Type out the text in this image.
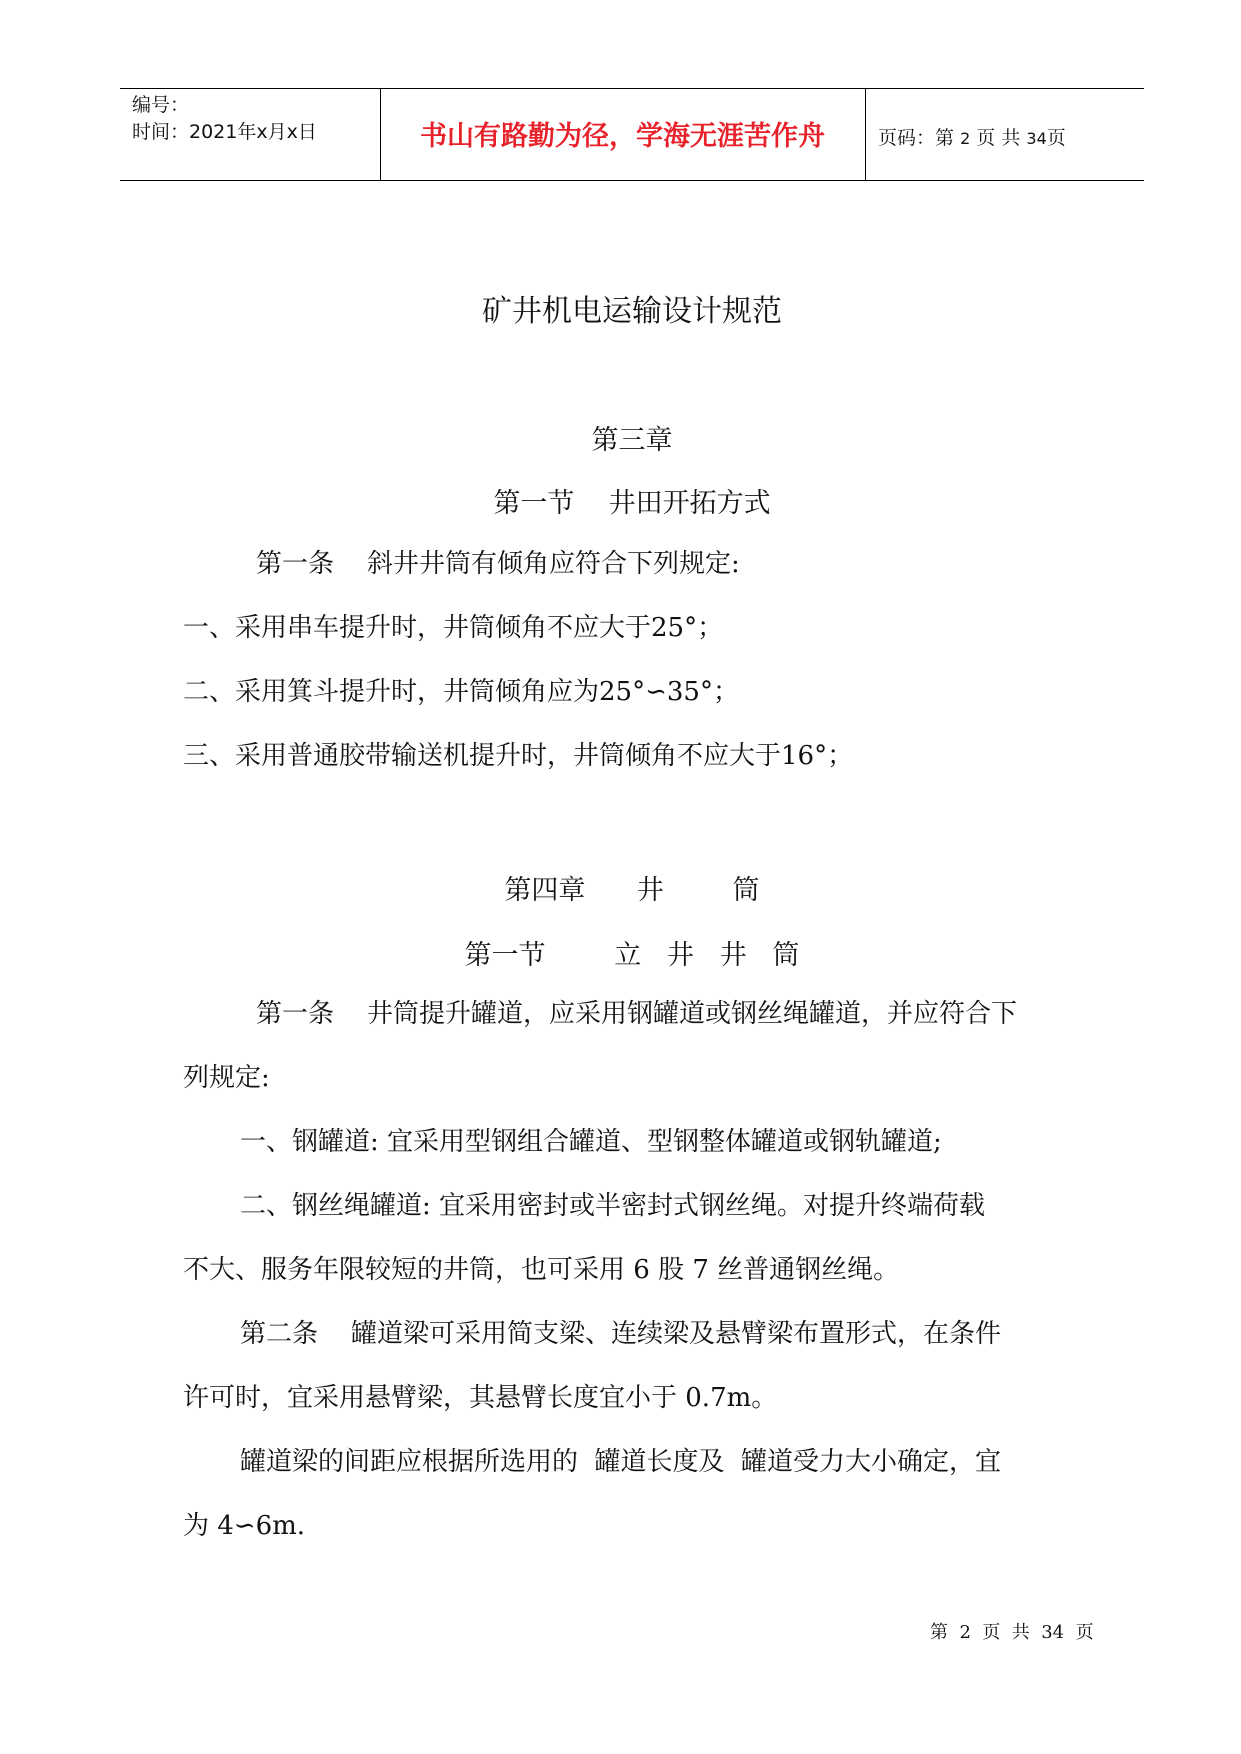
编号：
时间：2021年x月x日	书山有路勤为径，学海无涯苦作舟	页码：第 2 页 共 34页
矿井机电运输设计规范
第三章
第一节    井田开拓方式
第一条    斜井井筒有倾角应符合下列规定:
一、采用串车提升时，井筒倾角不应大于25°；
二、采用箕斗提升时，井筒倾角应为25°∽35°；
三、采用普通胶带输送机提升时，井筒倾角不应大于16°；
第四章      井        筒
第一节        立   井   井   筒
第一条    井筒提升罐道，应采用钢罐道或钢丝绳罐道，并应符合下
列规定:
一、钢罐道: 宜采用型钢组合罐道、型钢整体罐道或钢轨罐道;
二、钢丝绳罐道: 宜采用密封或半密封式钢丝绳。对提升终端荷载
不大、服务年限较短的井筒，也可采用 6 股 7 丝普通钢丝绳。
第二条    罐道梁可采用简支梁、连续梁及悬臂梁布置形式，在条件
许可时，宜采用悬臂梁，其悬臂长度宜小于 0.7m。
罐道梁的间距应根据所选用的  罐道长度及  罐道受力大小确定，宜
为 4∽6m.
第  2  页  共  34  页
